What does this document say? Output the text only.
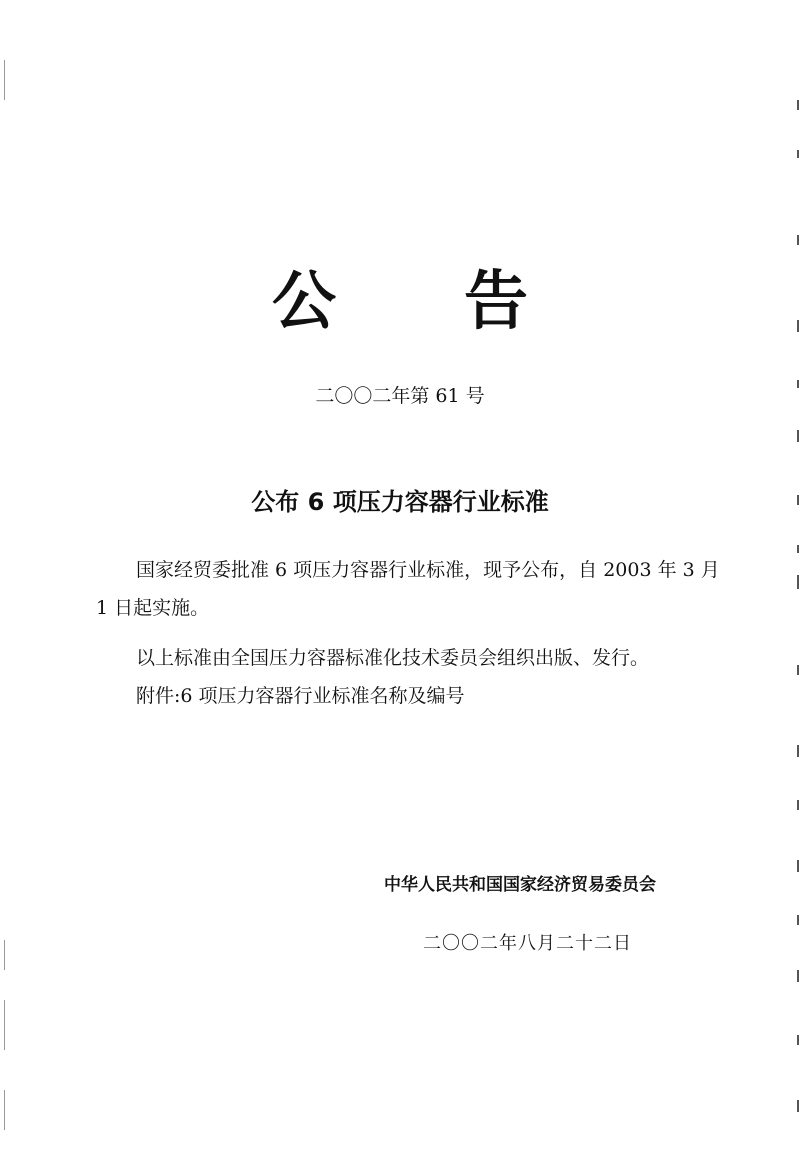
公 告
二〇〇二年第 61 号
公布 6 项压力容器行业标准
国家经贸委批准 6 项压力容器行业标准，现予公布，自 2003 年 3 月 1 日起实施。
以上标准由全国压力容器标准化技术委员会组织出版、发行。
附件:6 项压力容器行业标准名称及编号
中华人民共和国国家经济贸易委员会
二〇〇二年八月二十二日
